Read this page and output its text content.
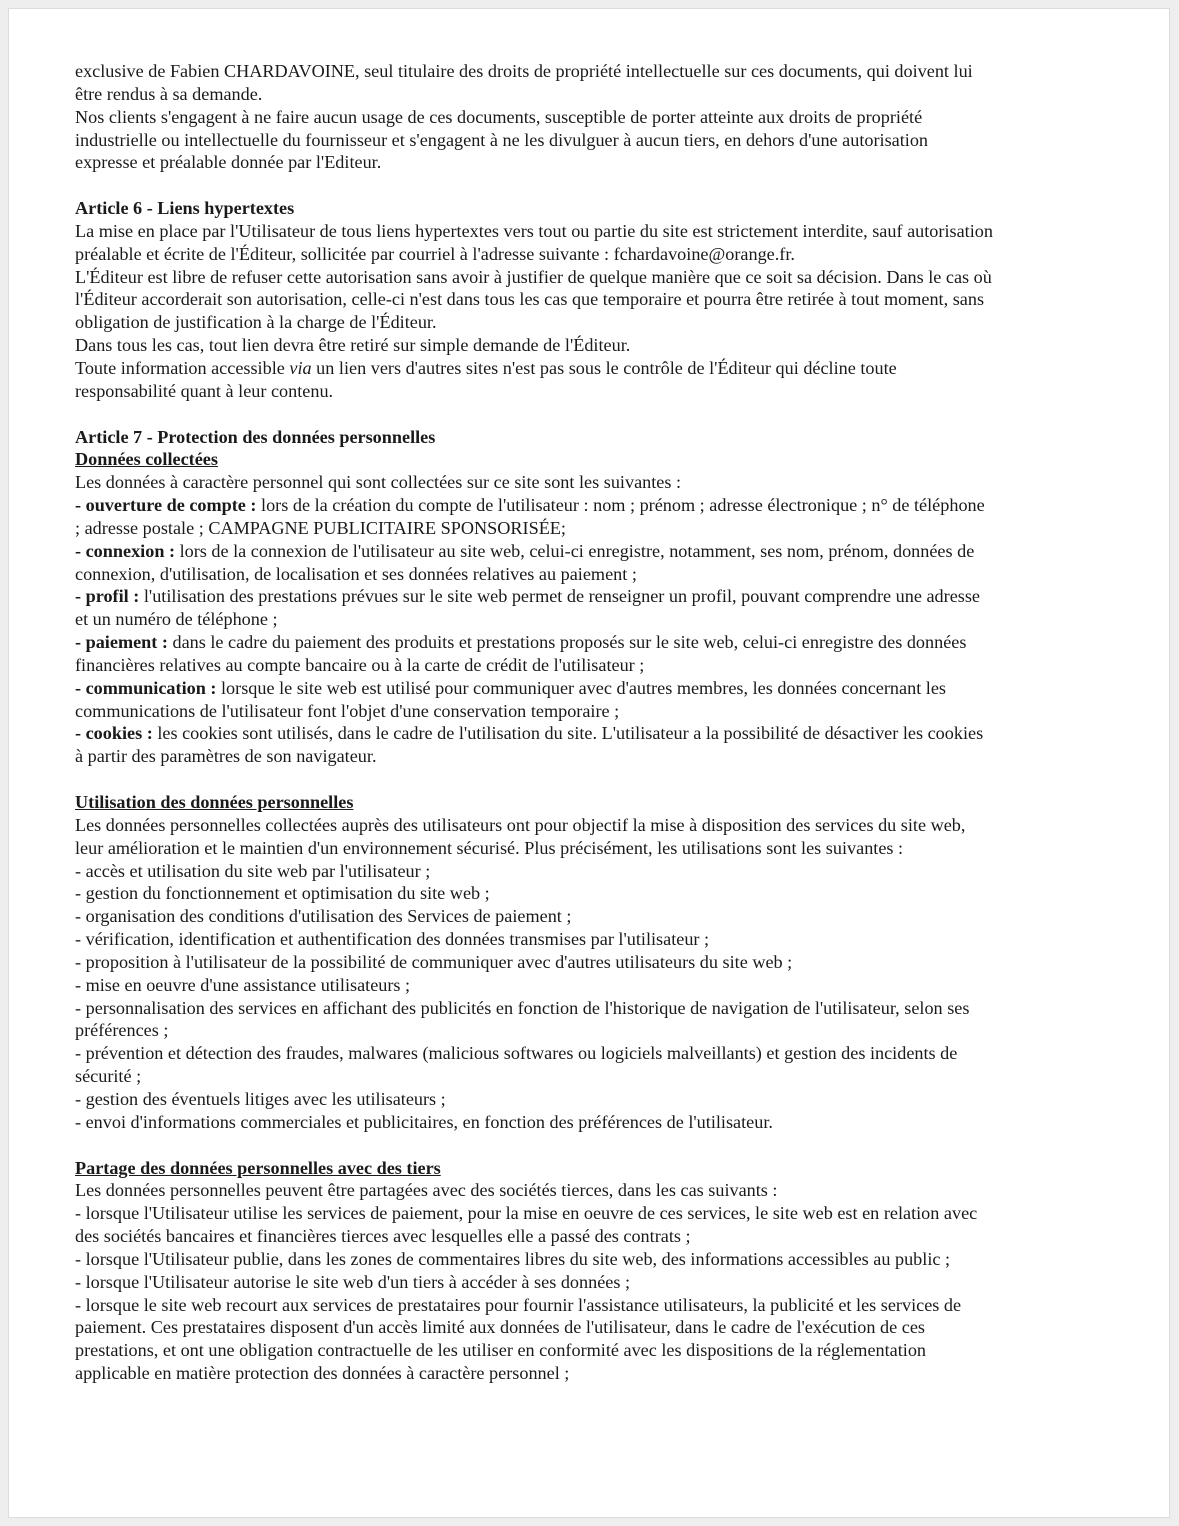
exclusive de Fabien CHARDAVOINE, seul titulaire des droits de propriété intellectuelle sur ces documents, qui doivent lui
être rendus à sa demande.
Nos clients s'engagent à ne faire aucun usage de ces documents, susceptible de porter atteinte aux droits de propriété
industrielle ou intellectuelle du fournisseur et s'engagent à ne les divulguer à aucun tiers, en dehors d'une autorisation
expresse et préalable donnée par l'Editeur.
Article 6 - Liens hypertextes
La mise en place par l'Utilisateur de tous liens hypertextes vers tout ou partie du site est strictement interdite, sauf autorisation
préalable et écrite de l'Éditeur, sollicitée par courriel à l'adresse suivante : fchardavoine@orange.fr.
L'Éditeur est libre de refuser cette autorisation sans avoir à justifier de quelque manière que ce soit sa décision. Dans le cas où
l'Éditeur accorderait son autorisation, celle-ci n'est dans tous les cas que temporaire et pourra être retirée à tout moment, sans
obligation de justification à la charge de l'Éditeur.
Dans tous les cas, tout lien devra être retiré sur simple demande de l'Éditeur.
Toute information accessible via un lien vers d'autres sites n'est pas sous le contrôle de l'Éditeur qui décline toute
responsabilité quant à leur contenu.
Article 7 - Protection des données personnelles
Données collectées
Les données à caractère personnel qui sont collectées sur ce site sont les suivantes :
- ouverture de compte : lors de la création du compte de l'utilisateur : nom ; prénom ; adresse électronique ; n° de téléphone
; adresse postale ; CAMPAGNE PUBLICITAIRE SPONSORISÉE;
- connexion : lors de la connexion de l'utilisateur au site web, celui-ci enregistre, notamment, ses nom, prénom, données de
connexion, d'utilisation, de localisation et ses données relatives au paiement ;
- profil : l'utilisation des prestations prévues sur le site web permet de renseigner un profil, pouvant comprendre une adresse
et un numéro de téléphone ;
- paiement : dans le cadre du paiement des produits et prestations proposés sur le site web, celui-ci enregistre des données
financières relatives au compte bancaire ou à la carte de crédit de l'utilisateur ;
- communication : lorsque le site web est utilisé pour communiquer avec d'autres membres, les données concernant les
communications de l'utilisateur font l'objet d'une conservation temporaire ;
- cookies : les cookies sont utilisés, dans le cadre de l'utilisation du site. L'utilisateur a la possibilité de désactiver les cookies
à partir des paramètres de son navigateur.
Utilisation des données personnelles
Les données personnelles collectées auprès des utilisateurs ont pour objectif la mise à disposition des services du site web,
leur amélioration et le maintien d'un environnement sécurisé. Plus précisément, les utilisations sont les suivantes :
- accès et utilisation du site web par l'utilisateur ;
- gestion du fonctionnement et optimisation du site web ;
- organisation des conditions d'utilisation des Services de paiement ;
- vérification, identification et authentification des données transmises par l'utilisateur ;
- proposition à l'utilisateur de la possibilité de communiquer avec d'autres utilisateurs du site web ;
- mise en oeuvre d'une assistance utilisateurs ;
- personnalisation des services en affichant des publicités en fonction de l'historique de navigation de l'utilisateur, selon ses
préférences ;
- prévention et détection des fraudes, malwares (malicious softwares ou logiciels malveillants) et gestion des incidents de
sécurité ;
- gestion des éventuels litiges avec les utilisateurs ;
- envoi d'informations commerciales et publicitaires, en fonction des préférences de l'utilisateur.
Partage des données personnelles avec des tiers
Les données personnelles peuvent être partagées avec des sociétés tierces, dans les cas suivants :
- lorsque l'Utilisateur utilise les services de paiement, pour la mise en oeuvre de ces services, le site web est en relation avec
des sociétés bancaires et financières tierces avec lesquelles elle a passé des contrats ;
- lorsque l'Utilisateur publie, dans les zones de commentaires libres du site web, des informations accessibles au public ;
- lorsque l'Utilisateur autorise le site web d'un tiers à accéder à ses données ;
- lorsque le site web recourt aux services de prestataires pour fournir l'assistance utilisateurs, la publicité et les services de
paiement. Ces prestataires disposent d'un accès limité aux données de l'utilisateur, dans le cadre de l'exécution de ces
prestations, et ont une obligation contractuelle de les utiliser en conformité avec les dispositions de la réglementation
applicable en matière protection des données à caractère personnel ;
